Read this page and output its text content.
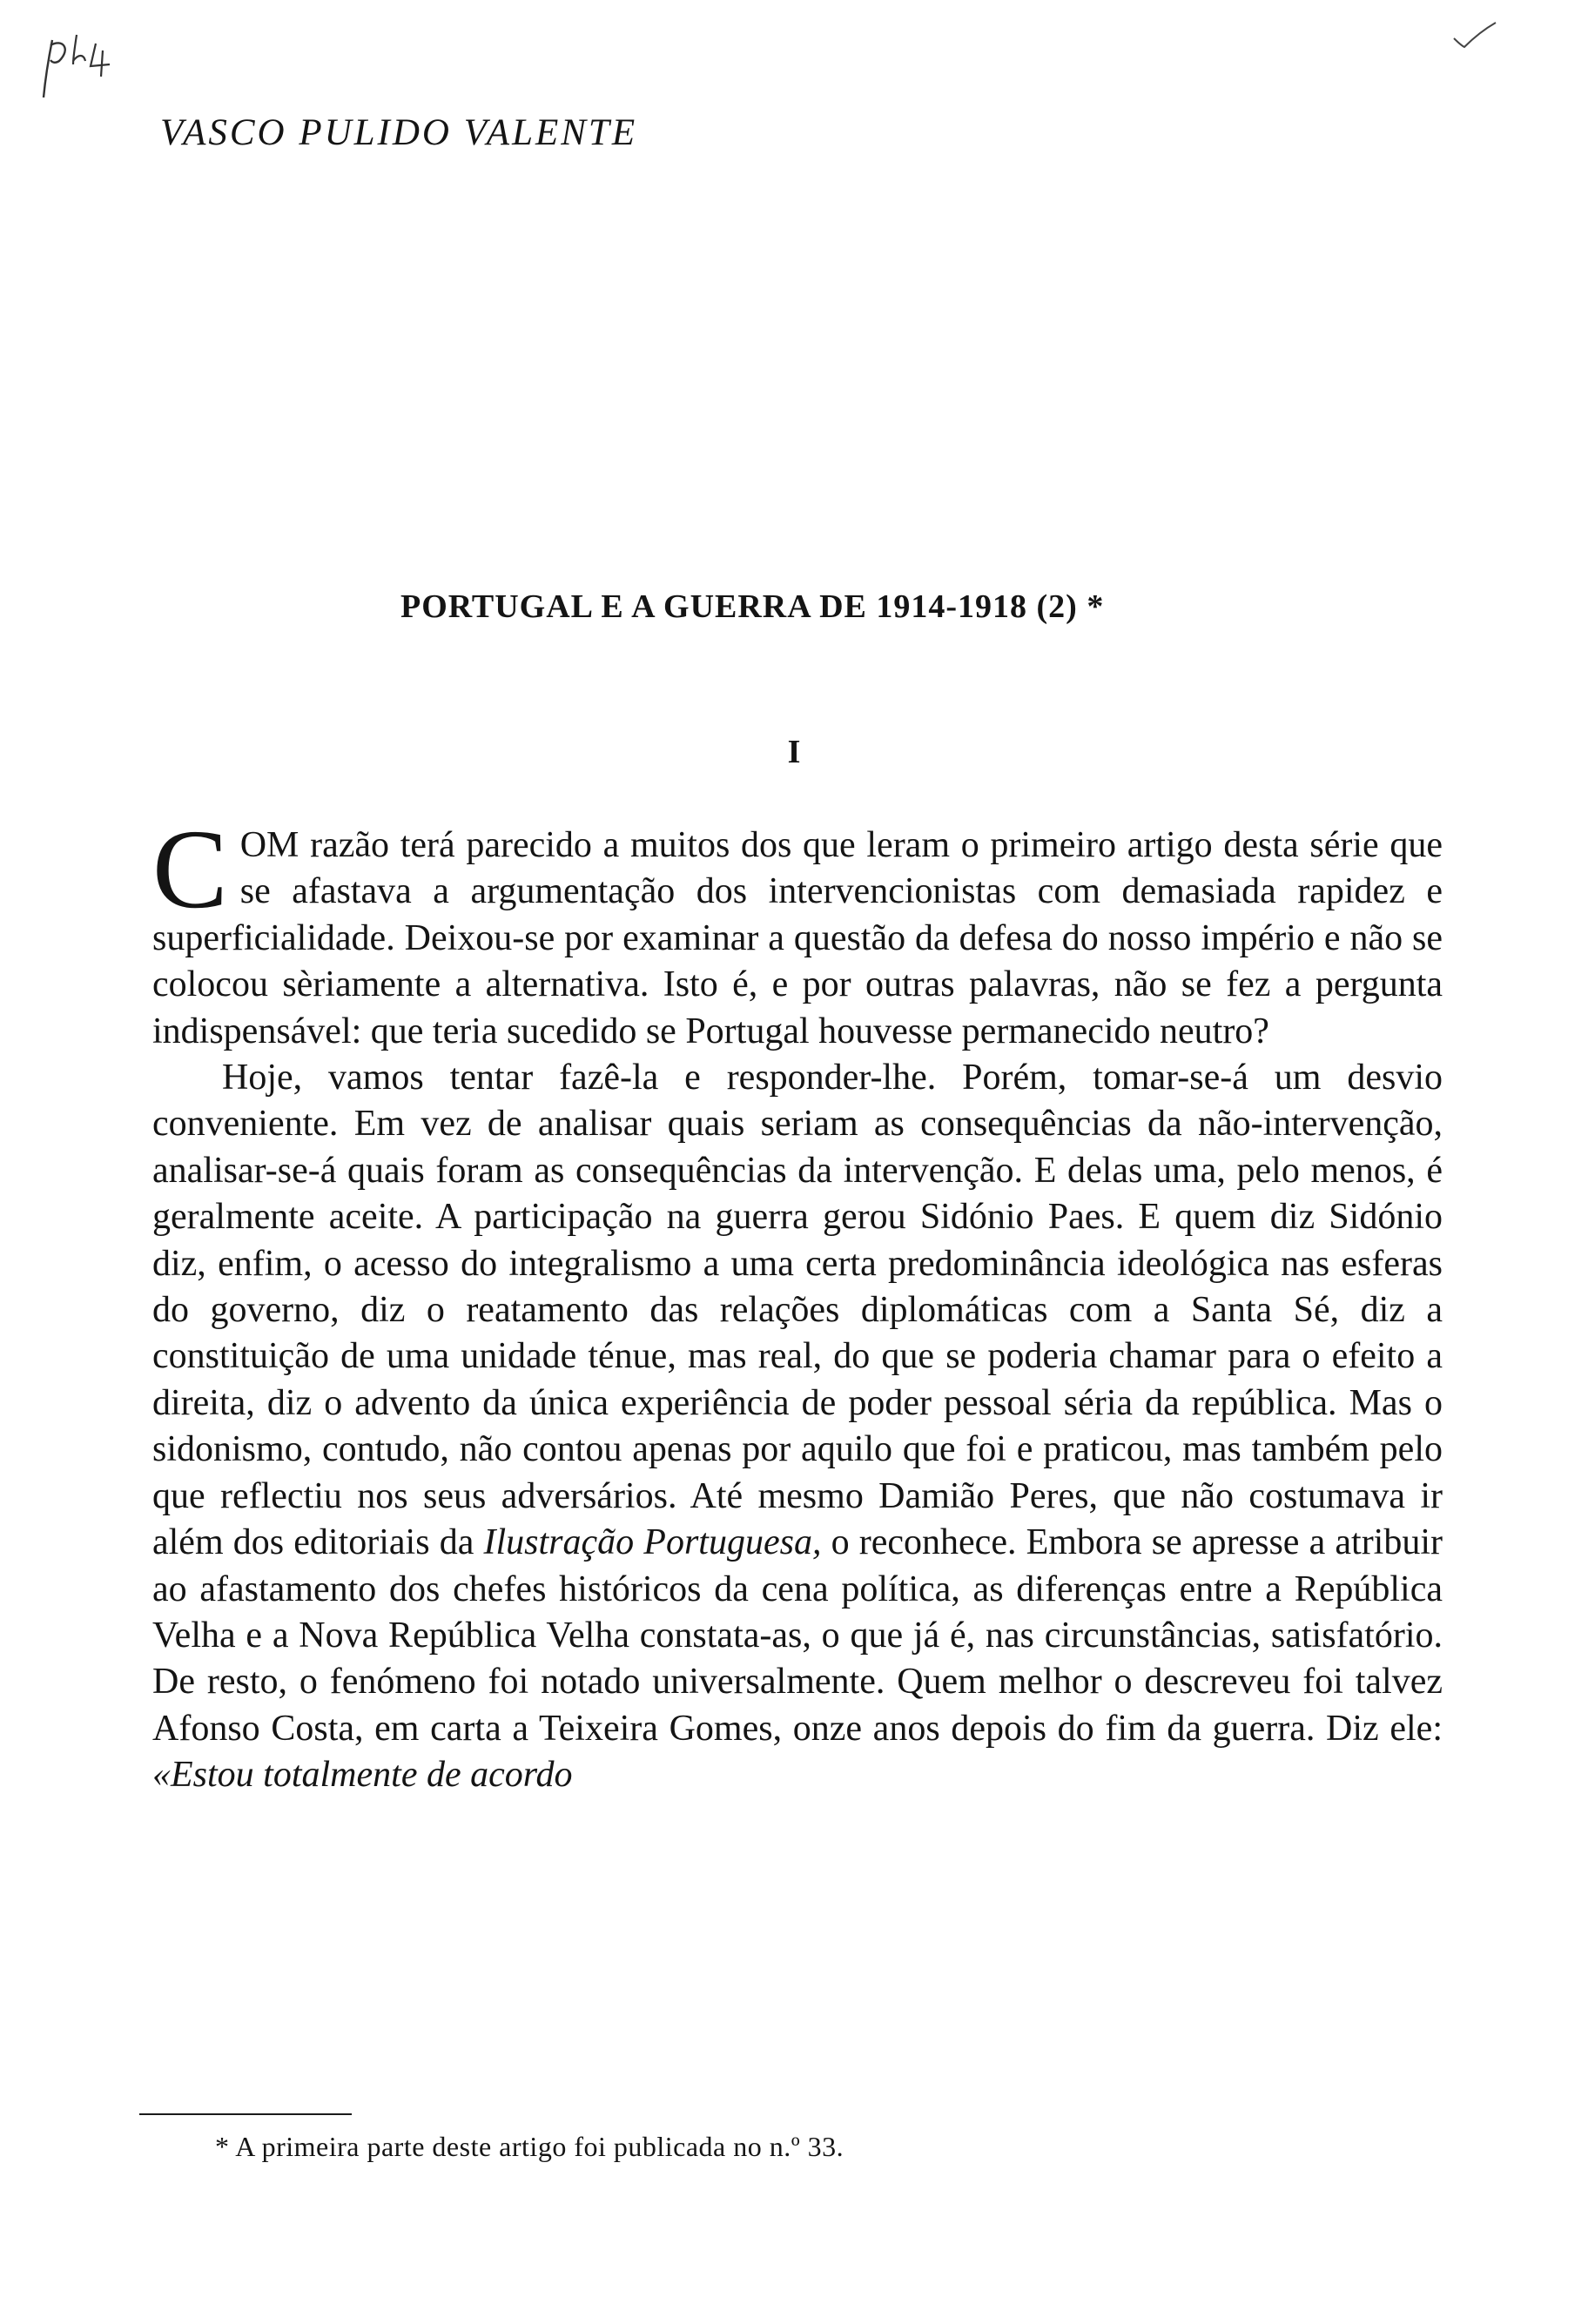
VASCO PULIDO VALENTE
PORTUGAL E A GUERRA DE 1914-1918 (2) *
I

COM razão terá parecido a muitos dos que leram o primeiro artigo desta série que se afastava a argumentação dos intervencionistas com demasiada rapidez e superficialidade. Deixou-se por examinar a questão da defesa do nosso império e não se colocou sèriamente a alternativa. Isto é, e por outras palavras, não se fez a pergunta indispensável: que teria sucedido se Portugal houvesse permanecido neutro?

Hoje, vamos tentar fazê-la e responder-lhe. Porém, tomar-se-á um desvio conveniente. Em vez de analisar quais seriam as consequências da não-intervenção, analisar-se-á quais foram as consequências da intervenção. E delas uma, pelo menos, é geralmente aceite. A participação na guerra gerou Sidónio Paes. E quem diz Sidónio diz, enfim, o acesso do integralismo a uma certa predominância ideológica nas esferas do governo, diz o reatamento das relações diplomáticas com a Santa Sé, diz a constituição de uma unidade ténue, mas real, do que se poderia chamar para o efeito a direita, diz o advento da única experiência de poder pessoal séria da república. Mas o sidonismo, contudo, não contou apenas por aquilo que foi e praticou, mas também pelo que reflectiu nos seus adversários. Até mesmo Damião Peres, que não costumava ir além dos editoriais da Ilustração Portuguesa, o reconhece. Embora se apresse a atribuir ao afastamento dos chefes históricos da cena política, as diferenças entre a República Velha e a Nova República Velha constata-as, o que já é, nas circunstâncias, satisfatório. De resto, o fenómeno foi notado universalmente. Quem melhor o descreveu foi talvez Afonso Costa, em carta a Teixeira Gomes, onze anos depois do fim da guerra. Diz ele: «Estou totalmente de acordo

* A primeira parte deste artigo foi publicada no n.º 33.
